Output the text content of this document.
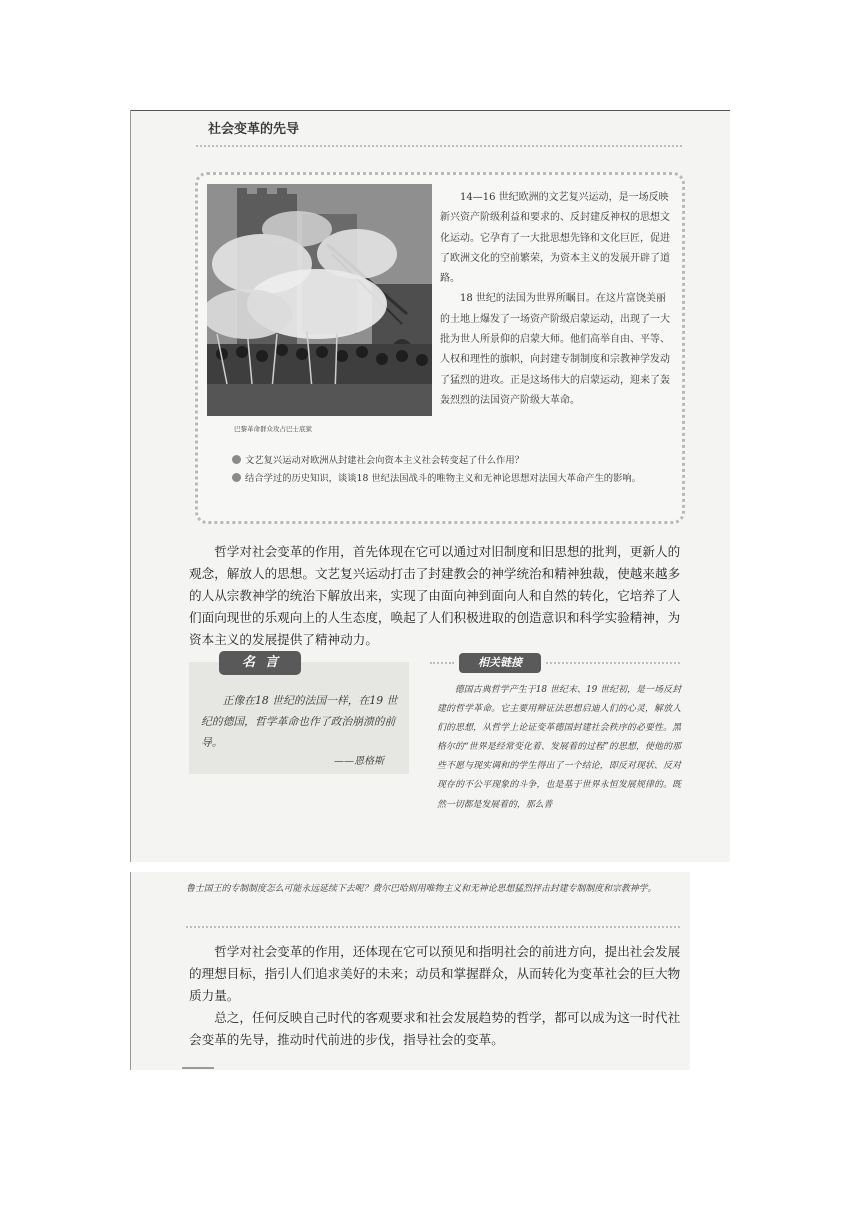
社会变革的先导
巴黎革命群众攻占巴士底狱

14—16 世纪欧洲的文艺复兴运动，是一场反映新兴资产阶级利益和要求的、反封建反神权的思想文化运动。它孕育了一大批思想先锋和文化巨匠，促进了欧洲文化的空前繁荣，为资本主义的发展开辟了道路。

18 世纪的法国为世界所瞩目。在这片富饶美丽的土地上爆发了一场资产阶级启蒙运动，出现了一大批为世人所景仰的启蒙大师。他们高举自由、平等、人权和理性的旗帜，向封建专制制度和宗教神学发动了猛烈的进攻。正是这场伟大的启蒙运动，迎来了轰轰烈烈的法国资产阶级大革命。

文艺复兴运动对欧洲从封建社会向资本主义社会转变起了什么作用？
结合学过的历史知识，谈谈18 世纪法国战斗的唯物主义和无神论思想对法国大革命产生的影响。

哲学对社会变革的作用，首先体现在它可以通过对旧制度和旧思想的批判，更新人的观念，解放人的思想。文艺复兴运动打击了封建教会的神学统治和精神独裁，使越来越多的人从宗教神学的统治下解放出来，实现了由面向神到面向人和自然的转化，它培养了人们面向现世的乐观向上的人生态度，唤起了人们积极进取的创造意识和科学实验精神，为资本主义的发展提供了精神动力。

名言

正像在18 世纪的法国一样，在19 世纪的德国，哲学革命也作了政治崩溃的前导。

——恩格斯
相关链接

德国古典哲学产生于18 世纪末、19 世纪初，是一场反封建的哲学革命。它主要用辩证法思想启迪人们的心灵，解放人们的思想，从哲学上论证变革德国封建社会秩序的必要性。黑格尔的“世界是经常变化着、发展着的过程”的思想，使他的那些不愿与现实调和的学生得出了一个结论，即反对现状、反对现存的不公平现象的斗争，也是基于世界永恒发展规律的。既然一切都是发展着的，那么普

鲁士国王的专制制度怎么可能永远延续下去呢？费尔巴哈则用唯物主义和无神论思想猛烈抨击封建专制制度和宗教神学。

哲学对社会变革的作用，还体现在它可以预见和指明社会的前进方向，提出社会发展的理想目标，指引人们追求美好的未来；动员和掌握群众，从而转化为变革社会的巨大物质力量。

总之，任何反映自己时代的客观要求和社会发展趋势的哲学，都可以成为这一时代社会变革的先导，推动时代前进的步伐，指导社会的变革。
